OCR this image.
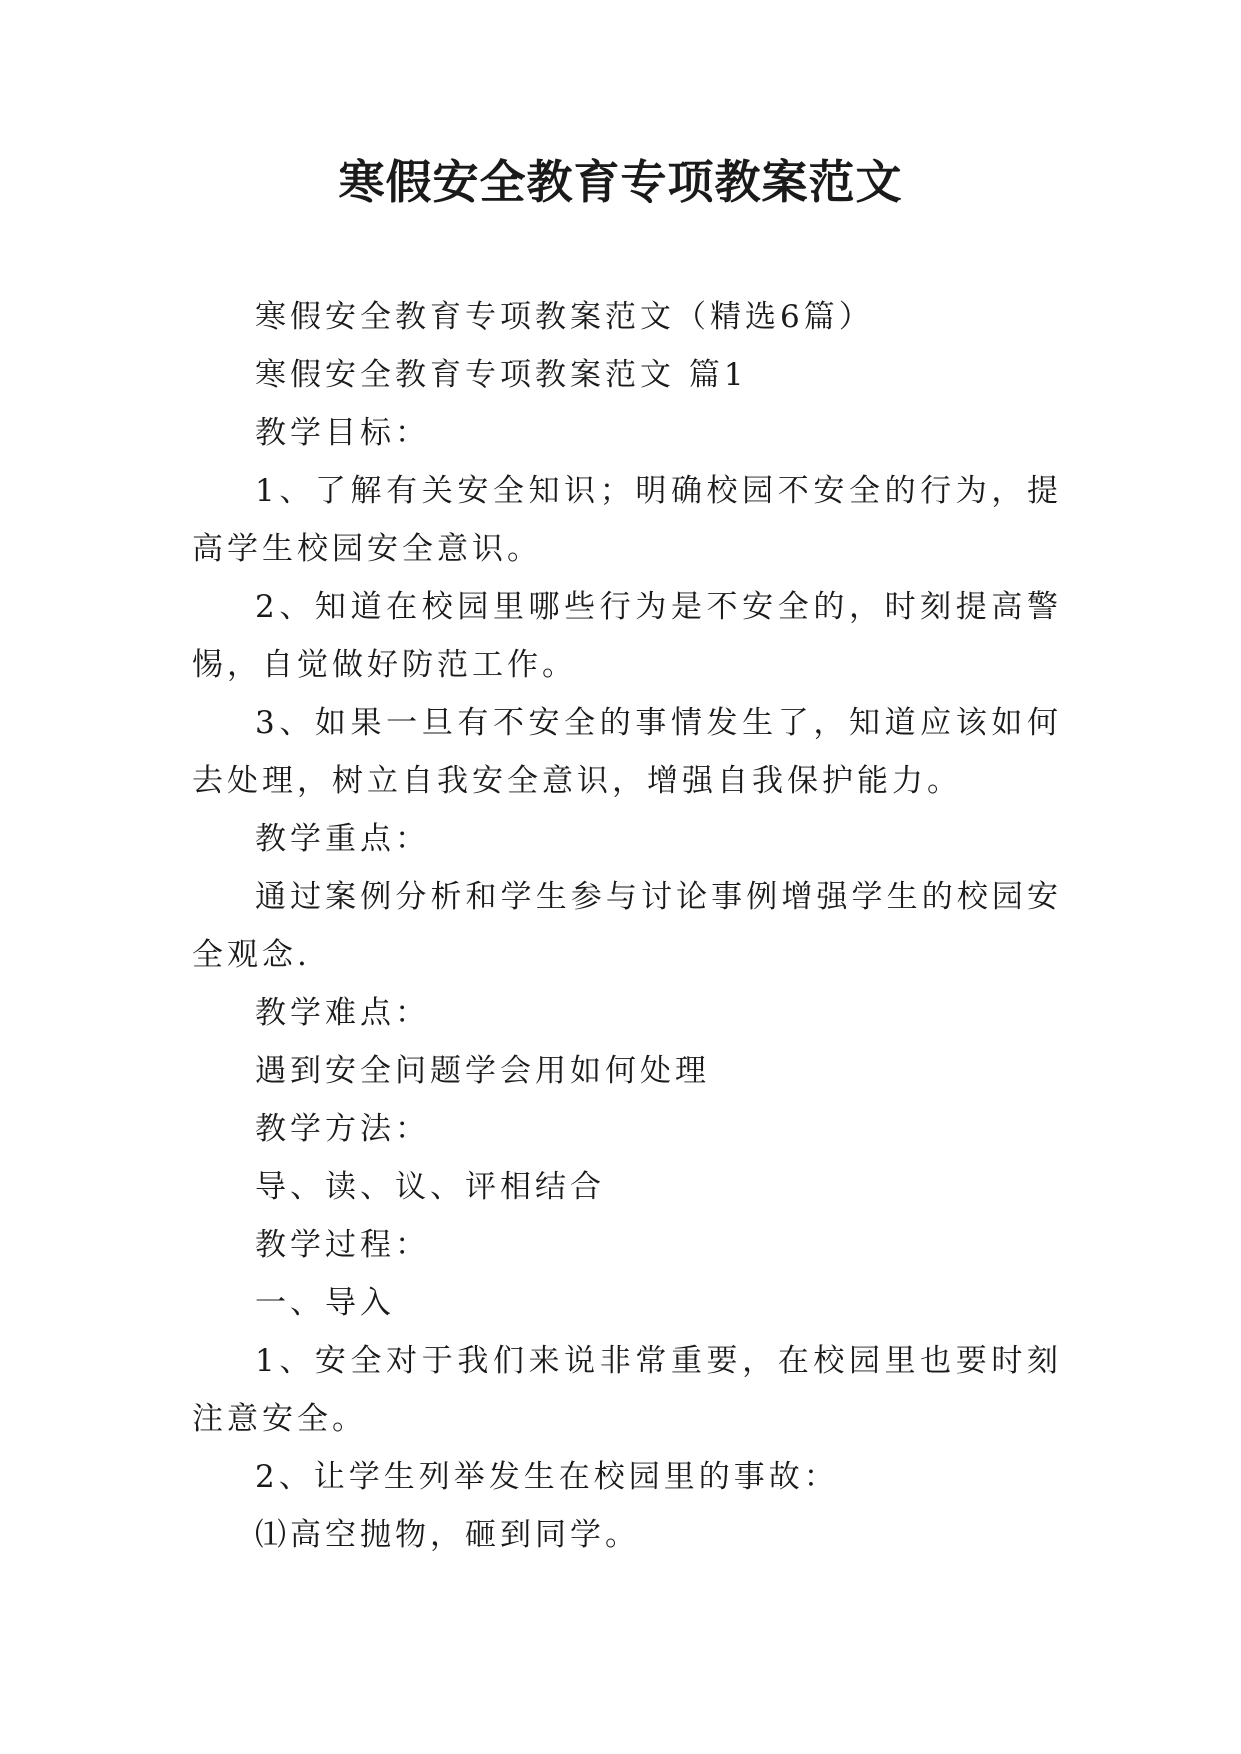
寒假安全教育专项教案范文

寒假安全教育专项教案范文（精选6篇）

寒假安全教育专项教案范文 篇1

教学目标：

1、了解有关安全知识；明确校园不安全的行为，提高学生校园安全意识。

2、知道在校园里哪些行为是不安全的，时刻提高警惕，自觉做好防范工作。

3、如果一旦有不安全的事情发生了，知道应该如何去处理，树立自我安全意识，增强自我保护能力。

教学重点：

通过案例分析和学生参与讨论事例增强学生的校园安全观念.

教学难点：

遇到安全问题学会用如何处理

教学方法：

导、读、议、评相结合

教学过程：

一、导入

1、安全对于我们来说非常重要，在校园里也要时刻注意安全。

2、让学生列举发生在校园里的事故：

⑴高空抛物，砸到同学。
